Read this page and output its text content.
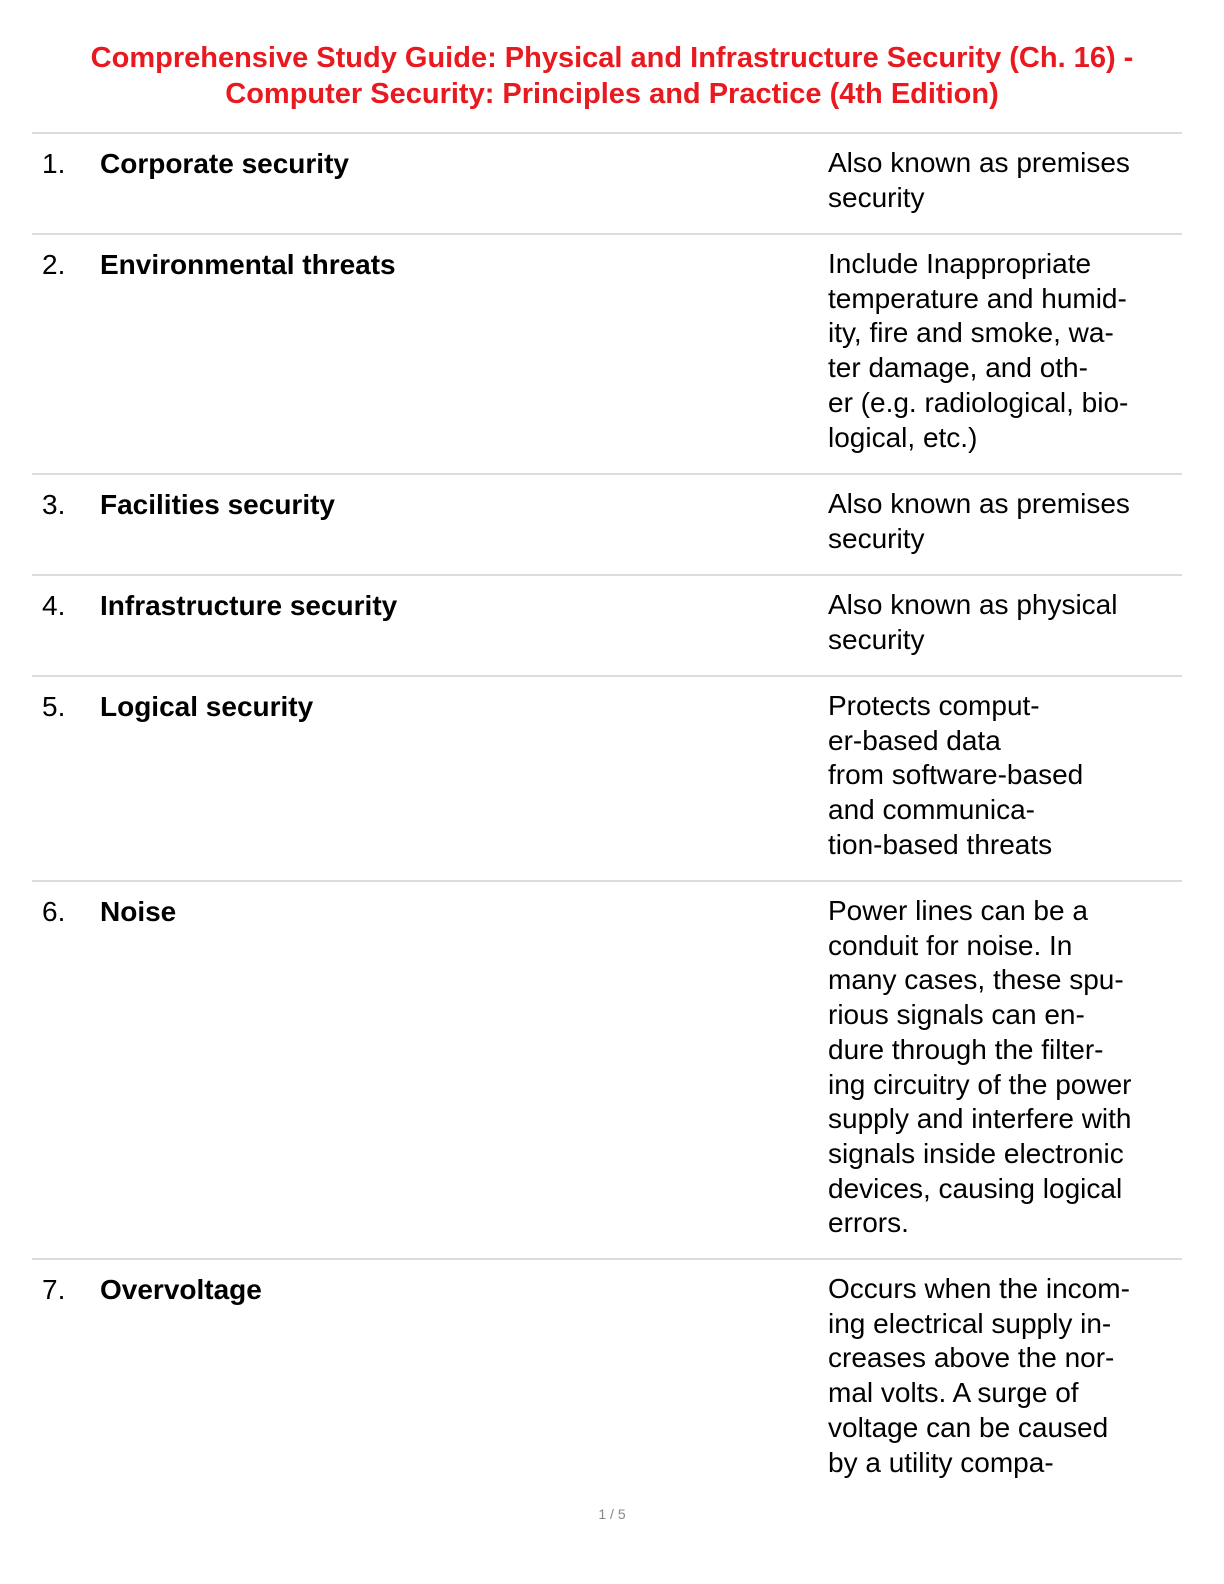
Comprehensive Study Guide: Physical and Infrastructure Security (Ch. 16) -
Computer Security: Principles and Practice (4th Edition)
1. Corporate security	Also known as premises
security
2. Environmental threats	Include Inappropriate
temperature and humid-
ity, fire and smoke, wa-
ter damage, and oth-
er (e.g. radiological, bio-
logical, etc.)
3. Facilities security	Also known as premises
security
4. Infrastructure security	Also known as physical
security
5. Logical security	Protects comput-
er-based data
from software-based
and communica-
tion-based threats
6. Noise	Power lines can be a
conduit for noise. In
many cases, these spu-
rious signals can en-
dure through the filter-
ing circuitry of the power
supply and interfere with
signals inside electronic
devices, causing logical
errors.
7. Overvoltage	Occurs when the incom-
ing electrical supply in-
creases above the nor-
mal volts. A surge of
voltage can be caused
by a utility compa-
1 / 5
